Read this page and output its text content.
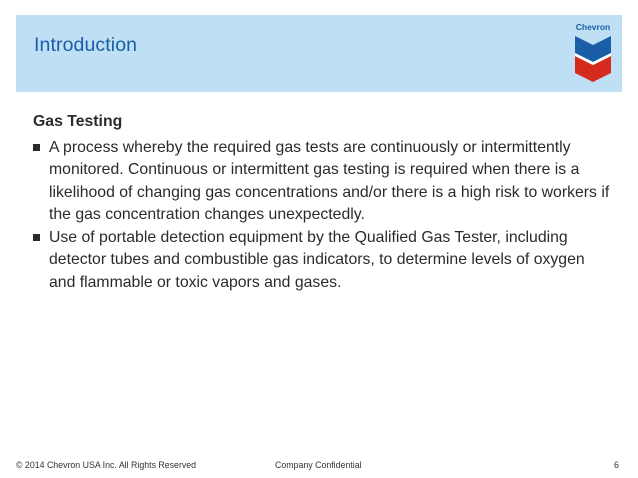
Introduction
Chevron
Gas Testing
A process whereby the required gas tests are continuously or intermittently monitored. Continuous or intermittent gas testing is required when there is a likelihood of changing gas concentrations and/or there is a high risk to workers if the gas concentration changes unexpectedly.
Use of portable detection equipment by the Qualified Gas Tester, including detector tubes and combustible gas indicators, to determine levels of oxygen and flammable or toxic vapors and gases.
© 2014 Chevron USA Inc. All Rights Reserved	Company Confidential	6
